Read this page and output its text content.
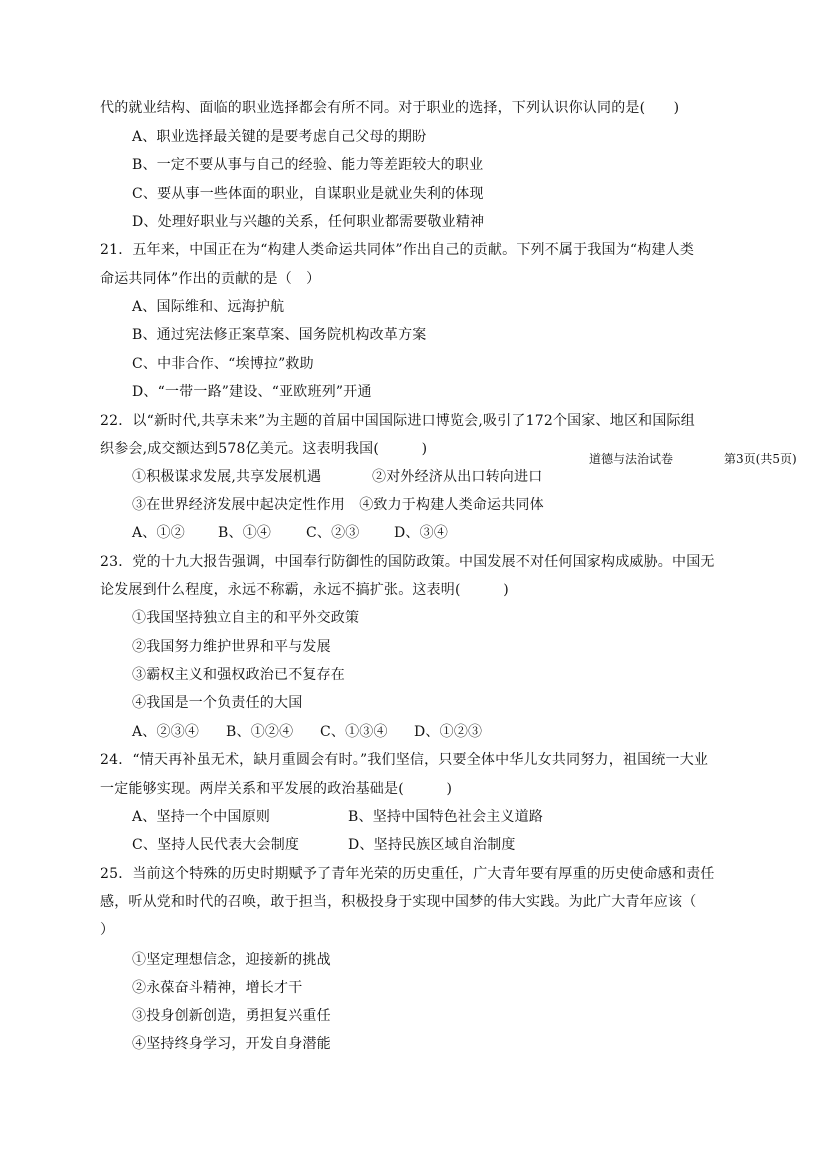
代的就业结构、面临的职业选择都会有所不同。对于职业的选择，下列认识你认同的是(　　)
A、职业选择最关键的是要考虑自己父母的期盼
B、一定不要从事与自己的经验、能力等差距较大的职业
C、要从事一些体面的职业，自谋职业是就业失利的体现
D、处理好职业与兴趣的关系，任何职业都需要敬业精神
21．五年来，中国正在为“构建人类命运共同体”作出自己的贡献。下列不属于我国为“构建人类
命运共同体”作出的贡献的是（　）
A、国际维和、远海护航
B、通过宪法修正案草案、国务院机构改革方案
C、中非合作、“埃博拉”救助
D、“一带一路”建设、“亚欧班列”开通
22．以“新时代,共享未来”为主题的首届中国国际进口博览会,吸引了172个国家、地区和国际组
织参会,成交额达到578亿美元。这表明我国(　　　)
①积极谋求发展,共享发展机遇	②对外经济从出口转向进口
③在世界经济发展中起决定性作用　④致力于构建人类命运共同体
A、①② B、①④ C、②③ D、③④
道德与法治试卷	第3页(共5页)
23．党的十九大报告强调，中国奉行防御性的国防政策。中国发展不对任何国家构成威胁。中国无
论发展到什么程度，永远不称霸，永远不搞扩张。这表明(　　　)
①我国坚持独立自主的和平外交政策
②我国努力维护世界和平与发展
③霸权主义和强权政治已不复存在
④我国是一个负责任的大国
A、②③④ B、①②④ C、①③④ D、①②③
24．“情天再补虽无术，缺月重圆会有时。”我们坚信，只要全体中华儿女共同努力，祖国统一大业
一定能够实现。两岸关系和平发展的政治基础是(　　　)
A、坚持一个中国原则	B、坚持中国特色社会主义道路
C、坚持人民代表大会制度	D、坚持民族区域自治制度
25．当前这个特殊的历史时期赋予了青年光荣的历史重任，广大青年要有厚重的历史使命感和责任
感，听从党和时代的召唤，敢于担当，积极投身于实现中国梦的伟大实践。为此广大青年应该（
）
①坚定理想信念，迎接新的挑战
②永葆奋斗精神，增长才干
③投身创新创造，勇担复兴重任
④坚持终身学习，开发自身潜能
